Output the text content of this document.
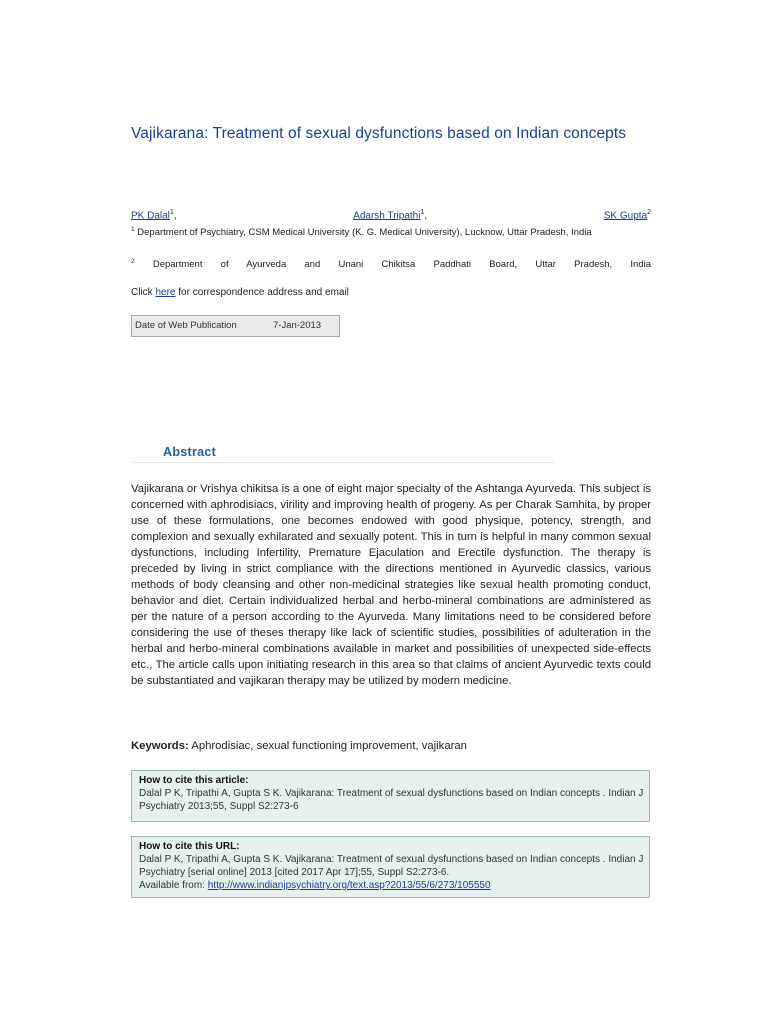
Vajikarana: Treatment of sexual dysfunctions based on Indian concepts
PK Dalal$^1$,	Adarsh Tripathi$^1$,	SK Gupta$^2$
$^1$ Department of Psychiatry, CSM Medical University (K. G. Medical University), Lucknow, Uttar Pradesh, India
$^2$ Department of Ayurveda and Unani Chikitsa Paddhati Board, Uttar Pradesh, India
Click here for correspondence address and email
Date of Web Publication	7-Jan-2013
Abstract
Vajikarana or Vrishya chikitsa is a one of eight major specialty of the Ashtanga Ayurveda. This subject is concerned with aphrodisiacs, virility and improving health of progeny. As per Charak Samhita, by proper use of these formulations, one becomes endowed with good physique, potency, strength, and complexion and sexually exhilarated and sexually potent. This in turn is helpful in many common sexual dysfunctions, including Infertility, Premature Ejaculation and Erectile dysfunction. The therapy is preceded by living in strict compliance with the directions mentioned in Ayurvedic classics, various methods of body cleansing and other non-medicinal strategies like sexual health promoting conduct, behavior and diet. Certain individualized herbal and herbo-mineral combinations are administered as per the nature of a person according to the Ayurveda. Many limitations need to be considered before considering the use of theses therapy like lack of scientific studies, possibilities of adulteration in the herbal and herbo-mineral combinations available in market and possibilities of unexpected side-effects etc., The article calls upon initiating research in this area so that claims of ancient Ayurvedic texts could be substantiated and vajikaran therapy may be utilized by modern medicine.
Keywords: Aphrodisiac, sexual functioning improvement, vajikaran
How to cite this article:
Dalal P K, Tripathi A, Gupta S K. Vajikarana: Treatment of sexual dysfunctions based on Indian concepts . Indian J Psychiatry 2013;55, Suppl S2:273-6
How to cite this URL:
Dalal P K, Tripathi A, Gupta S K. Vajikarana: Treatment of sexual dysfunctions based on Indian concepts . Indian J Psychiatry [serial online] 2013 [cited 2017 Apr 17];55, Suppl S2:273-6.
Available from: http://www.indianjpsychiatry.org/text.asp?2013/55/6/273/105550
